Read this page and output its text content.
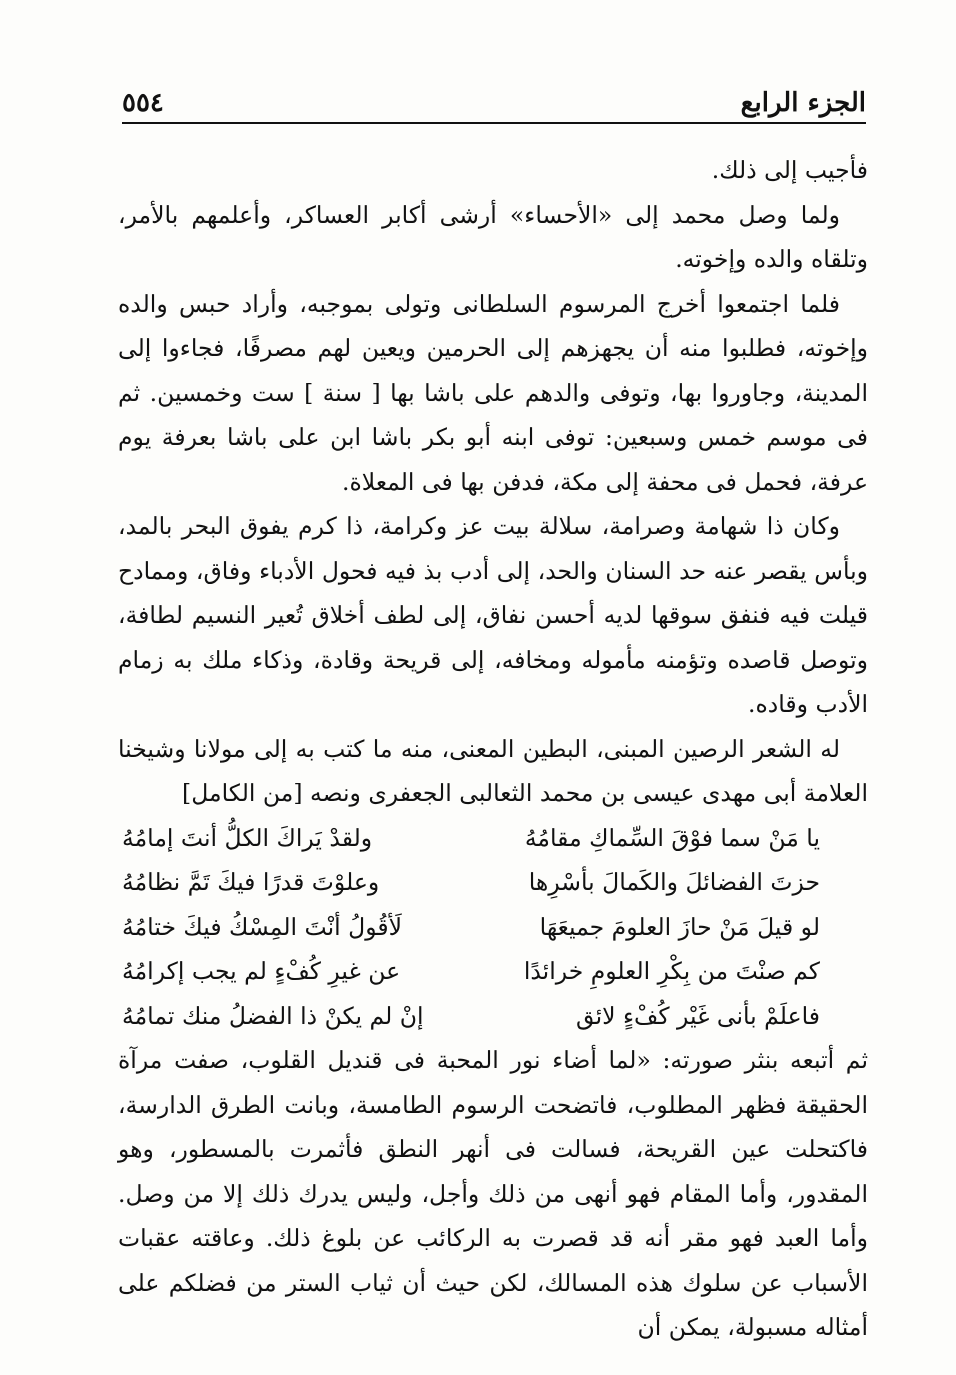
٥٥٤	الجزء الرابع

فأجيب إلى ذلك.

ولما وصل محمد إلى «الأحساء» أرشى أكابر العساكر، وأعلمهم بالأمر، وتلقاه والده وإخوته.

فلما اجتمعوا أخرج المرسوم السلطانى وتولى بموجبه، وأراد حبس والده وإخوته، فطلبوا منه أن يجهزهم إلى الحرمين ويعين لهم مصرفًا، فجاءوا إلى المدينة، وجاوروا بها، وتوفى والدهم على باشا بها [ سنة ] ست وخمسين. ثم فى موسم خمس وسبعين: توفى ابنه أبو بكر باشا ابن على باشا بعرفة يوم عرفة، فحمل فى محفة إلى مكة، فدفن بها فى المعلاة.

وكان ذا شهامة وصرامة، سلالة بيت عز وكرامة، ذا كرم يفوق البحر بالمد، وبأس يقصر عنه حد السنان والحد، إلى أدب بذ فيه فحول الأدباء وفاق، وممادح قيلت فيه فنفق سوقها لديه أحسن نفاق، إلى لطف أخلاق تُعير النسيم لطافة، وتوصل قاصده وتؤمنه مأموله ومخافه، إلى قريحة وقادة، وذكاء ملك به زمام الأدب وقاده.

له الشعر الرصين المبنى، البطين المعنى، منه ما كتب به إلى مولانا وشيخنا العلامة أبى مهدى عيسى بن محمد الثعالبى الجعفرى ونصه [من الكامل]

يا مَنْ سما فوْقَ السِّماكِ مقامُهُ
ولقدْ يَراكَ الكلُّ أنتَ إمامُهُ
حزتَ الفضائلَ والكَمالَ بأسْرِها
وعلوْتَ قدرًا فيكَ تَمَّ نظامُهُ
لو قيلَ مَنْ حازَ العلومَ جميعَهَا
لَأقُولُ أنْتَ المِسْكُ فيكَ ختامُهُ
كم صنْتَ من بِكْرِ العلومِ خرائدًا
عن غيرِ كُفْءٍ لم يجب إكرامُهُ
فاعلَمْ بأنى غَيْر كُفْءٍ لائق
إنْ لم يكنْ ذا الفضلُ منك تمامُهُ

ثم أتبعه بنثر صورته: «لما أضاء نور المحبة فى قنديل القلوب، صفت مرآة الحقيقة فظهر المطلوب، فاتضحت الرسوم الطامسة، وبانت الطرق الدارسة، فاكتحلت عين القريحة، فسالت فى أنهر النطق فأثمرت بالمسطور، وهو المقدور، وأما المقام فهو أنهى من ذلك وأجل، وليس يدرك ذلك إلا من وصل. وأما العبد فهو مقر أنه قد قصرت به الركائب عن بلوغ ذلك. وعاقته عقبات الأسباب عن سلوك هذه المسالك، لكن حيث أن ثياب الستر من فضلكم على أمثاله مسبولة، يمكن أن
